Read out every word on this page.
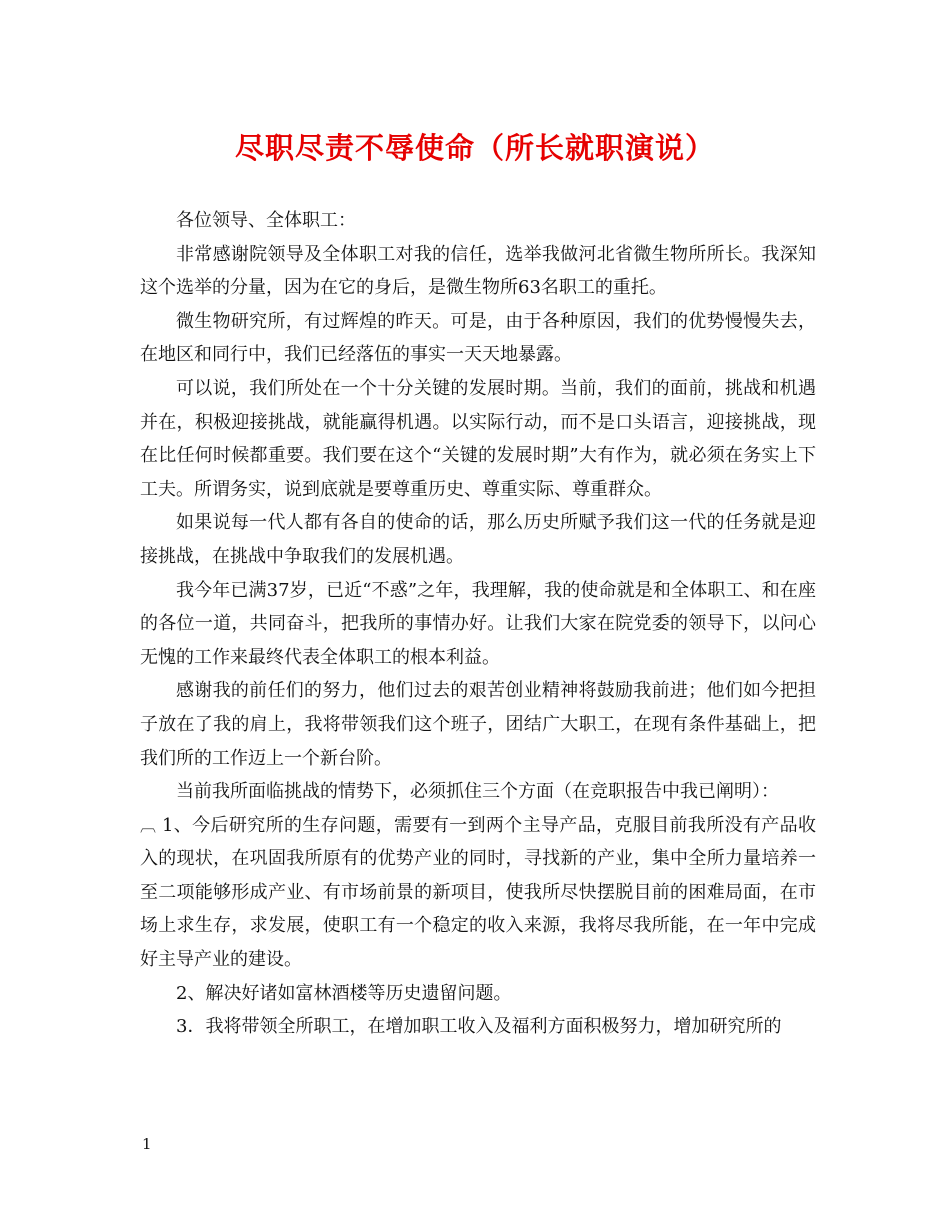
尽职尽责不辱使命（所长就职演说）

各位领导、全体职工：

非常感谢院领导及全体职工对我的信任，选举我做河北省微生物所所长。我深知这个选举的分量，因为在它的身后，是微生物所63名职工的重托。

微生物研究所，有过辉煌的昨天。可是，由于各种原因，我们的优势慢慢失去，在地区和同行中，我们已经落伍的事实一天天地暴露。

可以说，我们所处在一个十分关键的发展时期。当前，我们的面前，挑战和机遇并在，积极迎接挑战，就能赢得机遇。以实际行动，而不是口头语言，迎接挑战，现在比任何时候都重要。我们要在这个“关键的发展时期”大有作为，就必须在务实上下工夫。所谓务实，说到底就是要尊重历史、尊重实际、尊重群众。

如果说每一代人都有各自的使命的话，那么历史所赋予我们这一代的任务就是迎接挑战，在挑战中争取我们的发展机遇。

我今年已满37岁，已近“不惑”之年，我理解，我的使命就是和全体职工、和在座的各位一道，共同奋斗，把我所的事情办好。让我们大家在院党委的领导下，以问心无愧的工作来最终代表全体职工的根本利益。

感谢我的前任们的努力，他们过去的艰苦创业精神将鼓励我前进；他们如今把担子放在了我的肩上，我将带领我们这个班子，团结广大职工，在现有条件基础上，把我们所的工作迈上一个新台阶。

当前我所面临挑战的情势下，必须抓住三个方面（在竞职报告中我已阐明）：

︹ 1、今后研究所的生存问题，需要有一到两个主导产品，克服目前我所没有产品收入的现状，在巩固我所原有的优势产业的同时，寻找新的产业，集中全所力量培养一至二项能够形成产业、有市场前景的新项目，使我所尽快摆脱目前的困难局面，在市场上求生存，求发展，使职工有一个稳定的收入来源，我将尽我所能，在一年中完成好主导产业的建设。

2、解决好诸如富林酒楼等历史遗留问题。

3．我将带领全所职工，在增加职工收入及福利方面积极努力，增加研究所的

1
